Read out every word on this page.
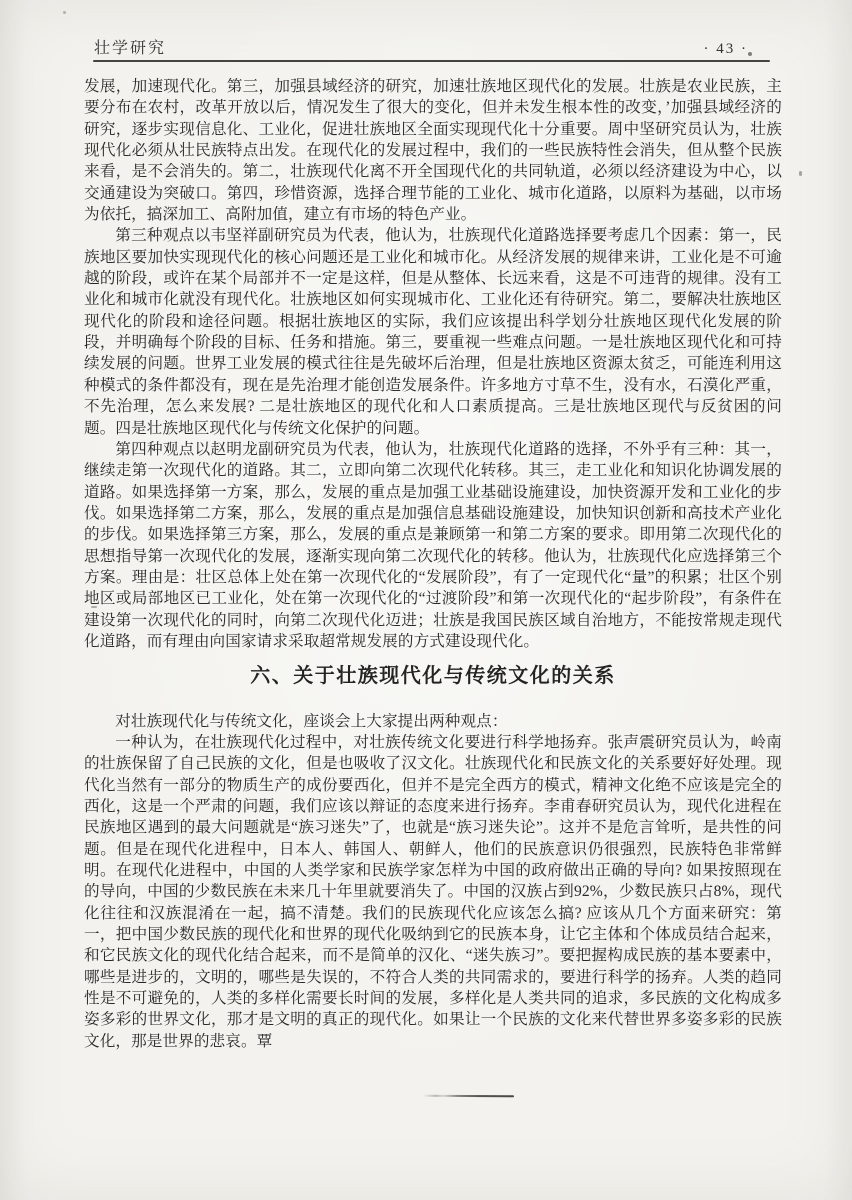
壮学研究	· 43 ·

发展，加速现代化。第三，加强县域经济的研究，加速壮族地区现代化的发展。壮族是农业民族，主要分布在农村，改革开放以后，情况发生了很大的变化，但并未发生根本性的改变，’加强县域经济的研究，逐步实现信息化、工业化，促进壮族地区全面实现现代化十分重要。周中坚研究员认为，壮族现代化必须从壮民族特点出发。在现代化的发展过程中，我们的一些民族特性会消失，但从整个民族来看，是不会消失的。第二，壮族现代化离不开全国现代化的共同轨道，必须以经济建设为中心，以交通建设为突破口。第四，珍惜资源，选择合理节能的工业化、城市化道路，以原料为基础，以市场为依托，搞深加工、高附加值，建立有市场的特色产业。

第三种观点以韦坚祥副研究员为代表，他认为，壮族现代化道路选择要考虑几个因素：第一，民族地区要加快实现现代化的核心问题还是工业化和城市化。从经济发展的规律来讲，工业化是不可逾越的阶段，或许在某个局部并不一定是这样，但是从整体、长远来看，这是不可违背的规律。没有工业化和城市化就没有现代化。壮族地区如何实现城市化、工业化还有待研究。第二，要解决壮族地区现代化的阶段和途径问题。根据壮族地区的实际，我们应该提出科学划分壮族地区现代化发展的阶段，并明确每个阶段的目标、任务和措施。第三，要重视一些难点问题。一是壮族地区现代化和可持续发展的问题。世界工业发展的模式往往是先破坏后治理，但是壮族地区资源太贫乏，可能连利用这种模式的条件都没有，现在是先治理才能创造发展条件。许多地方寸草不生，没有水，石漠化严重，不先治理，怎么来发展? 二是壮族地区的现代化和人口素质提高。三是壮族地区现代与反贫困的问题。四是壮族地区现代化与传统文化保护的问题。

第四种观点以赵明龙副研究员为代表，他认为，壮族现代化道路的选择，不外乎有三种：其一，继续走第一次现代化的道路。其二，立即向第二次现代化转移。其三，走工业化和知识化协调发展的道路。如果选择第一方案，那么，发展的重点是加强工业基础设施建设，加快资源开发和工业化的步伐。如果选择第二方案，那么，发展的重点是加强信息基础设施建设，加快知识创新和高技术产业化的步伐。如果选择第三方案，那么，发展的重点是兼顾第一和第二方案的要求。即用第二次现代化的思想指导第一次现代化的发展，逐渐实现向第二次现代化的转移。他认为，壮族现代化应选择第三个方案。理由是：壮区总体上处在第一次现代化的“发展阶段”，有了一定现代化“量”的积累；壮区个别地区或局部地区已工业化，处在第一次现代化的“过渡阶段”和第一次现代化的“起步阶段”，有条件在建设第一次现代化的同时，向第二次现代化迈进；壮族是我国民族区域自治地方，不能按常规走现代化道路，而有理由向国家请求采取超常规发展的方式建设现代化。

六、关于壮族现代化与传统文化的关系

对壮族现代化与传统文化，座谈会上大家提出两种观点：

一种认为，在壮族现代化过程中，对壮族传统文化要进行科学地扬弃。张声震研究员认为，岭南的壮族保留了自己民族的文化，但是也吸收了汉文化。壮族现代化和民族文化的关系要好好处理。现代化当然有一部分的物质生产的成份要西化，但并不是完全西方的模式，精神文化绝不应该是完全的西化，这是一个严肃的问题，我们应该以辩证的态度来进行扬弃。李甫春研究员认为，现代化进程在民族地区遇到的最大问题就是“族习迷失”了，也就是“族习迷失论”。这并不是危言耸听，是共性的问题。但是在现代化进程中，日本人、韩国人、朝鲜人，他们的民族意识仍很强烈，民族特色非常鲜明。在现代化进程中，中国的人类学家和民族学家怎样为中国的政府做出正确的导向? 如果按照现在的导向，中国的少数民族在未来几十年里就要消失了。中国的汉族占到92%，少数民族只占8%，现代化往往和汉族混淆在一起，搞不清楚。我们的民族现代化应该怎么搞? 应该从几个方面来研究：第一，把中国少数民族的现代化和世界的现代化吸纳到它的民族本身，让它主体和个体成员结合起来，和它民族文化的现代化结合起来，而不是简单的汉化、“迷失族习”。要把握构成民族的基本要素中，哪些是进步的，文明的，哪些是失误的，不符合人类的共同需求的，要进行科学的扬弃。人类的趋同性是不可避免的，人类的多样化需要长时间的发展，多样化是人类共同的追求，多民族的文化构成多姿多彩的世界文化，那才是文明的真正的现代化。如果让一个民族的文化来代替世界多姿多彩的民族文化，那是世界的悲哀。覃
